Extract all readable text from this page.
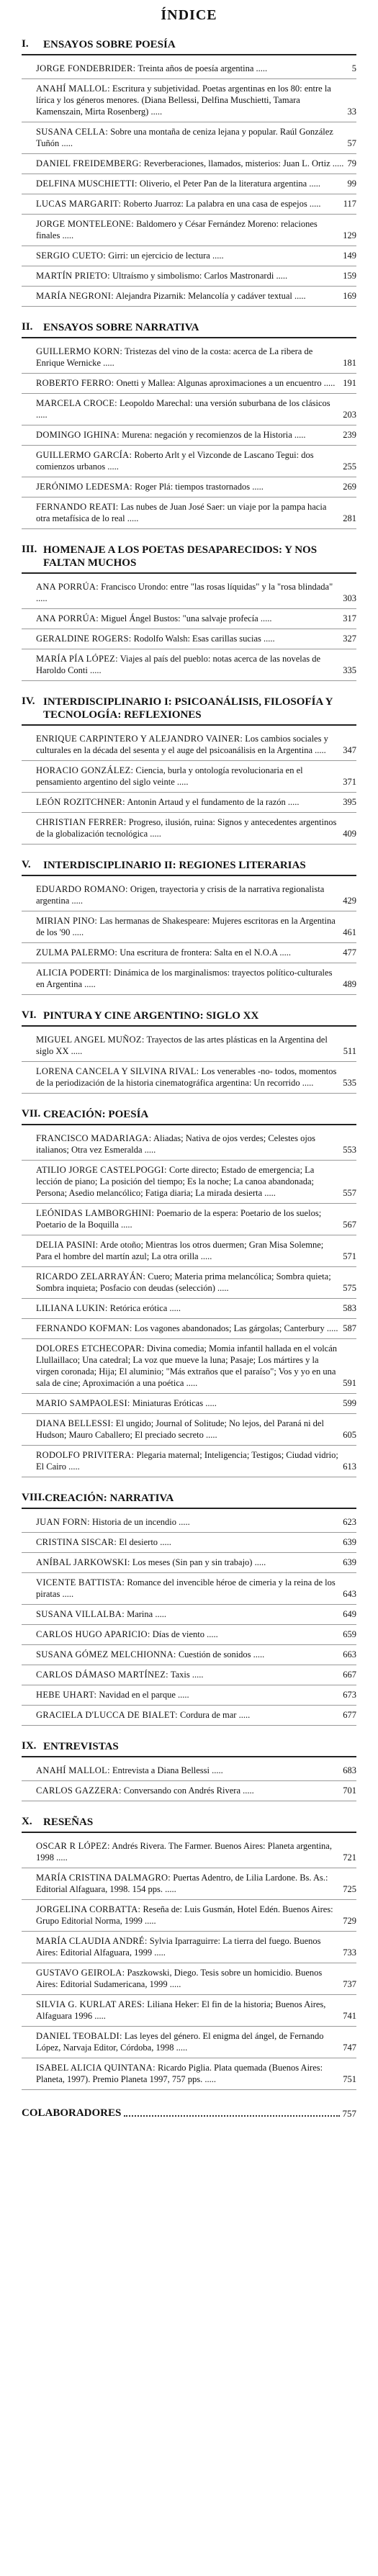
ÍNDICE
I.	ENSAYOS SOBRE POESÍA
JORGE FONDEBRIDER: Treinta años de poesía argentina .....	5
ANAHÍ MALLOL: Escritura y subjetividad. Poetas argentinas en los 80: entre la lírica y los géneros menores. (Diana Bellessi, Delfina Muschietti, Tamara Kamenszain, Mirta Rosenberg) .....	33
SUSANA CELLA: Sobre una montaña de ceniza lejana y popular. Raúl González Tuñón .....	57
DANIEL FREIDEMBERG: Reverberaciones, llamados, misterios: Juan L. Ortiz ..... 79
DELFINA MUSCHIETTI: Oliverio, el Peter Pan de la literatura argentina .....	99
LUCAS MARGARIT: Roberto Juarroz: La palabra en una casa de espejos .....	117
JORGE MONTELEONE: Baldomero y César Fernández Moreno: relaciones finales .....	129
SERGIO CUETO: Girri: un ejercicio de lectura .....	149
MARTÍN PRIETO: Ultraísmo y simbolismo: Carlos Mastronardi .....	159
MARÍA NEGRONI: Alejandra Pizarnik: Melancolía y cadáver textual .....	169
II. ENSAYOS SOBRE NARRATIVA
GUILLERMO KORN: Tristezas del vino de la costa: acerca de La ribera de Enrique Wernicke .....	181
ROBERTO FERRO: Onetti y Mallea: Algunas aproximaciones a un encuentro ..... 191
MARCELA CROCE: Leopoldo Marechal: una versión suburbana de los clásicos .....	203
DOMINGO IGHINA: Murena: negación y recomienzos de la Historia .....	239
GUILLERMO GARCÍA: Roberto Arlt y el Vizconde de Lascano Tegui: dos comienzos urbanos .....	255
JERÓNIMO LEDESMA: Roger Plá: tiempos trastornados .....	269
FERNANDO REATI: Las nubes de Juan José Saer: un viaje por la pampa hacia otra metafísica de lo real .....	281
III. HOMENAJE A LOS POETAS DESAPARECIDOS: Y NOS FALTAN MUCHOS
ANA PORRÚA: Francisco Urondo: entre "las rosas líquidas" y la "rosa blindada" .....	303
ANA PORRÚA: Miguel Ángel Bustos: "una salvaje profecía .....	317
GERALDINE ROGERS: Rodolfo Walsh: Esas carillas sucias .....	327
MARÍA PÍA LÓPEZ: Viajes al país del pueblo: notas acerca de las novelas de Haroldo Conti .....	335
IV. INTERDISCIPLINARIO I: PSICOANÁLISIS, FILOSOFÍA Y TECNOLOGÍA: REFLEXIONES
ENRIQUE CARPINTERO Y ALEJANDRO VAINER: Los cambios sociales y culturales en la década del sesenta y el auge del psicoanálisis en la Argentina .....	347
HORACIO GONZÁLEZ: Ciencia, burla y ontología revolucionaria en el pensamiento argentino del siglo veinte .....	371
LEÓN ROZITCHNER: Antonin Artaud y el fundamento de la razón .....	395
CHRISTIAN FERRER: Progreso, ilusión, ruina: Signos y antecedentes argentinos de la globalización tecnológica .....	409
V.	INTERDISCIPLINARIO II: REGIONES LITERARIAS
EDUARDO ROMANO: Origen, trayectoria y crisis de la narrativa regionalista argentina .....	429
MIRIAN PINO: Las hermanas de Shakespeare: Mujeres escritoras en la Argentina de los '90 .....	461
ZULMA PALERMO: Una escritura de frontera: Salta en el N.O.A .....	477
ALICIA PODERTI: Dinámica de los marginalismos: trayectos político-culturales en Argentina .....	489
VI. PINTURA Y CINE ARGENTINO: SIGLO XX
MIGUEL ANGEL MUÑOZ: Trayectos de las artes plásticas en la Argentina del siglo XX .....	511
LORENA CANCELA Y SILVINA RIVAL: Los venerables -no- todos, momentos de la periodización de la historia cinematográfica argentina: Un recorrido .....	535
VII. CREACIÓN: POESÍA
FRANCISCO MADARIAGA: Aliadas; Nativa de ojos verdes; Celestes ojos italianos; Otra vez Esmeralda .....	553
ATILIO JORGE CASTELPOGGI: Corte directo; Estado de emergencia; La lección de piano; La posición del tiempo; Es la noche; La canoa abandonada; Persona; Asedio melancólico; Fatiga diaria; La mirada desierta .....	557
LEÓNIDAS LAMBORGHINI: Poemario de la espera: Poetario de los suelos; Poetario de la Boquilla .....	567
DELIA PASINI: Arde otoño; Mientras los otros duermen; Gran Misa Solemne; Para el hombre del martín azul; La otra orilla .....	571
RICARDO ZELARRAYÁN: Cuero; Materia prima melancólica; Sombra quieta; Sombra inquieta; Posfacio con deudas (selección) .....	575
LILIANA LUKIN: Retórica erótica .....	583
FERNANDO KOFMAN: Los vagones abandonados; Las gárgolas; Canterbury ..... 587
DOLORES ETCHECOPAR: Divina comedia; Momia infantil hallada en el volcán Llullaillaco; Una catedral; La voz que mueve la luna; Pasaje; Los mártires y la virgen coronada; Hija; El aluminio; "Más extraños que el paraíso"; Vos y yo en una sala de cine; Aproximación a una poética .....	591
MARIO SAMPAOLESI: Miniaturas Eróticas .....	599
DIANA BELLESSI: El ungido; Journal of Solitude; No lejos, del Paraná ni del Hudson; Mauro Caballero; El preciado secreto .....	605
RODOLFO PRIVITERA: Plegaria maternal; Inteligencia; Testigos; Ciudad vidrio; El Cairo .....	613
VIII. CREACIÓN: NARRATIVA
JUAN FORN: Historia de un incendio .....	623
CRISTINA SISCAR: El desierto .....	639
ANÍBAL JARKOWSKI: Los meses (Sin pan y sin trabajo) .....	639
VICENTE BATTISTA: Romance del invencible héroe de cimeria y la reina de los piratas .....	643
SUSANA VILLALBA: Marina .....	649
CARLOS HUGO APARICIO: Días de viento .....	659
SUSANA GÓMEZ MELCHIONNA: Cuestión de sonidos .....	663
CARLOS DÁMASO MARTÍNEZ: Taxis .....	667
HEBE UHART: Navidad en el parque .....	673
GRACIELA D'LUCCA DE BIALET: Cordura de mar .....	677
IX. ENTREVISTAS
ANAHÍ MALLOL: Entrevista a Diana Bellessi .....	683
CARLOS GAZZERA: Conversando con Andrés Rivera .....	701
X.	RESEÑAS
OSCAR R LÓPEZ: Andrés Rivera. The Farmer. Buenos Aires: Planeta argentina, 1998 .....	721
MARÍA CRISTINA DALMAGRO: Puertas Adentro, de Lilia Lardone. Bs. As.: Editorial Alfaguara, 1998. 154 pps. .....	725
JORGELINA CORBATTA: Reseña de: Luis Gusmán, Hotel Edén. Buenos Aires: Grupo Editorial Norma, 1999 .....	729
MARÍA CLAUDIA ANDRÉ: Sylvia Iparraguirre: La tierra del fuego. Buenos Aires: Editorial Alfaguara, 1999 .....	733
GUSTAVO GEIROLA: Paszkowski, Diego. Tesis sobre un homicidio. Buenos Aires: Editorial Sudamericana, 1999 .....	737
SILVIA G. KURLAT ARES: Liliana Heker: El fin de la historia; Buenos Aires, Alfaguara 1996 .....	741
DANIEL TEOBALDI: Las leyes del género. El enigma del ángel, de Fernando López, Narvaja Editor, Córdoba, 1998 .....	747
ISABEL ALICIA QUINTANA: Ricardo Piglia. Plata quemada (Buenos Aires: Planeta, 1997). Premio Planeta 1997, 757 pps. .....	751
COLABORADORES	757
